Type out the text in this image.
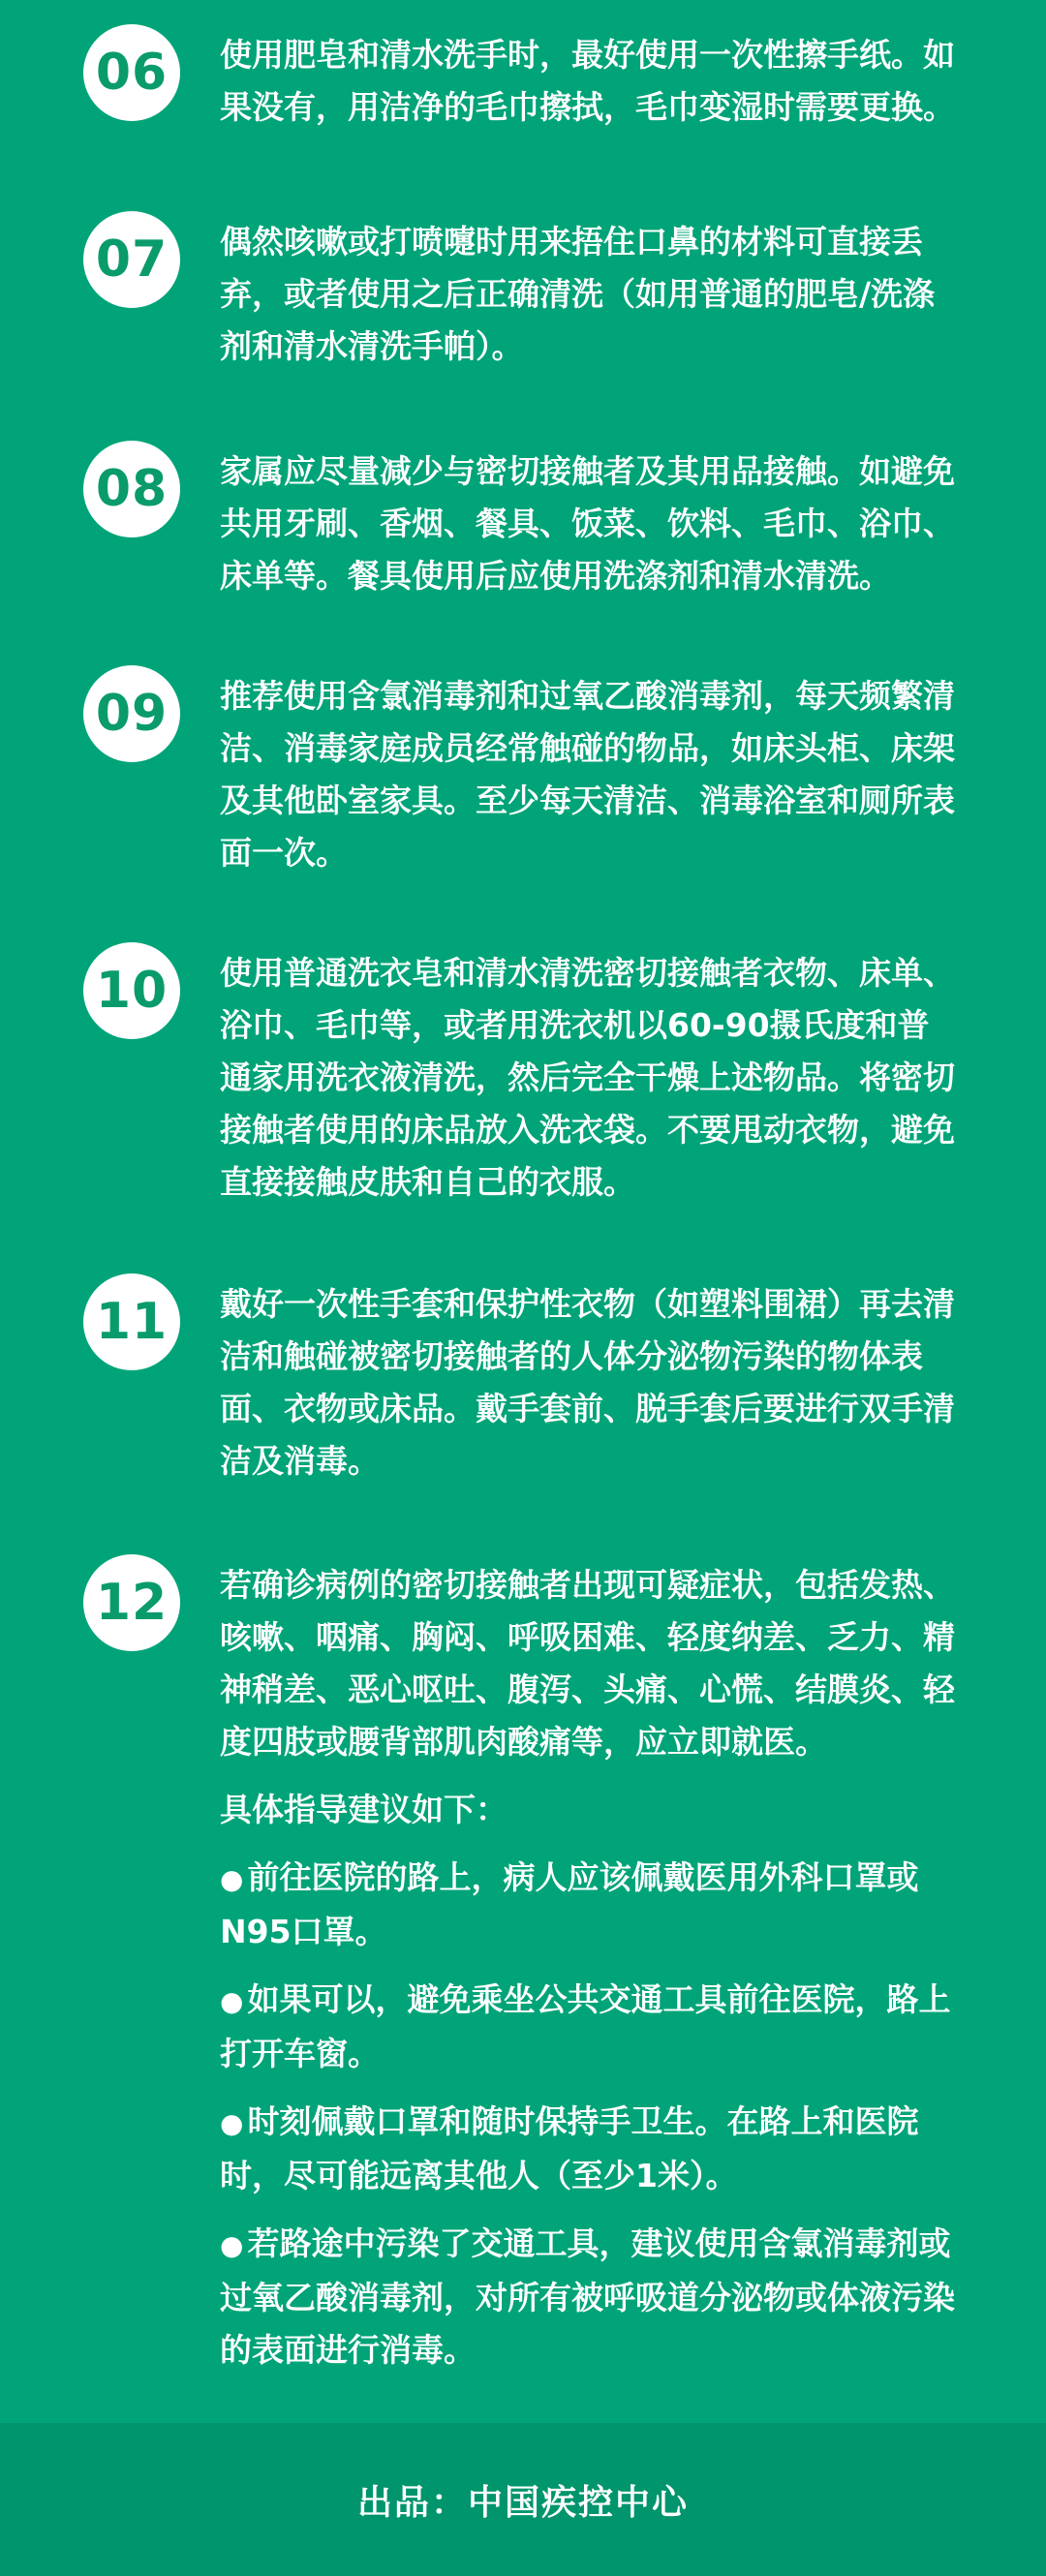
06 使用肥皂和清水洗手时，最好使用一次性擦手纸。如果没有，用洁净的毛巾擦拭，毛巾变湿时需要更换。

07 偶然咳嗽或打喷嚏时用来捂住口鼻的材料可直接丢弃，或者使用之后正确清洗（如用普通的肥皂/洗涤剂和清水清洗手帕）。

08 家属应尽量减少与密切接触者及其用品接触。如避免共用牙刷、香烟、餐具、饭菜、饮料、毛巾、浴巾、床单等。餐具使用后应使用洗涤剂和清水清洗。

09 推荐使用含氯消毒剂和过氧乙酸消毒剂，每天频繁清洁、消毒家庭成员经常触碰的物品，如床头柜、床架及其他卧室家具。至少每天清洁、消毒浴室和厕所表面一次。

10 使用普通洗衣皂和清水清洗密切接触者衣物、床单、浴巾、毛巾等，或者用洗衣机以60-90摄氏度和普通家用洗衣液清洗，然后完全干燥上述物品。将密切接触者使用的床品放入洗衣袋。不要甩动衣物，避免直接接触皮肤和自己的衣服。

11 戴好一次性手套和保护性衣物（如塑料围裙）再去清洁和触碰被密切接触者的人体分泌物污染的物体表面、衣物或床品。戴手套前、脱手套后要进行双手清洁及消毒。

12 若确诊病例的密切接触者出现可疑症状，包括发热、咳嗽、咽痛、胸闷、呼吸困难、轻度纳差、乏力、精神稍差、恶心呕吐、腹泻、头痛、心慌、结膜炎、轻度四肢或腰背部肌肉酸痛等，应立即就医。

具体指导建议如下：

● 前往医院的路上，病人应该佩戴医用外科口罩或N95口罩。

● 如果可以，避免乘坐公共交通工具前往医院，路上打开车窗。

● 时刻佩戴口罩和随时保持手卫生。在路上和医院时，尽可能远离其他人（至少1米）。

● 若路途中污染了交通工具，建议使用含氯消毒剂或过氧乙酸消毒剂，对所有被呼吸道分泌物或体液污染的表面进行消毒。

出品：中国疾控中心
